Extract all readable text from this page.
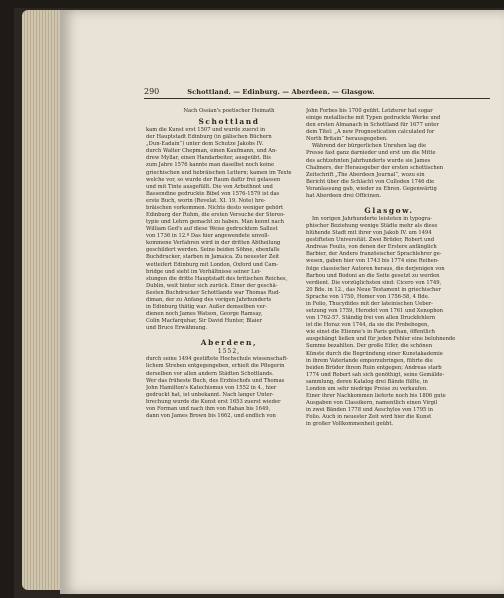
290	Schottland. — Edinburg. — Aberdeen. — Glasgow.
Nach Ossian's poetischer Heimath
Schottland
kam die Kunst erst 1507 und wurde zuerst in
der Hauptstadt Edinburg (in gälischen Büchern
„Dun-Eadain“) unter dem Schutze Jakobs IV.
durch Walter Chepman, einen Kaufmann, und An-
drew Myllar, einen Handarbeiter, ausgeübt. Bis
zum Jahre 1576 kannte man daselbst noch keine
griechischen und hebräischen Lettern; kamen im Texte
welche vor, so wurde der Raum dafür frei gelassen
und mit Tinte ausgefüllt. Die von Arbuthnot und
Bassendine gedruckte Bibel von 1576-1579 ist das
erste Buch, worin (Revelat. XI. 19. Note) hre-
bräischen vorkommen. Nichts desto weniger gehört
Edinburg der Ruhm, die ersten Versuche der Stereo-
typie und Lehrn gemacht zu haben. Man kennt nach
William Ged's auf diese Weise gedrucktem Sallust
von 1736 in 12.º Das hier angewendete unvoll-
kommene Verfahren wird in der dritten Abtheilung
geschildert werden. Seine beiden Söhne, ebenfalls
Buchdrucker, starben in Jamaica. Zu neuester Zeit
wetteifert Edinburg mit London, Oxford und Cam-
bridge und sieht im Verhältnisse seiner Lei-
stungen die dritte Hauptstadt des britischen Reiches,
Dublin, weit hinter sich zurück. Einer der geschä-
ßesten Buchdrucker Schottlands war Thomas Rud-
diman, der zu Anfang des vorigen Jahrhunderts
in Edinburg thätig war. Außer demselben ver-
dienen noch James Watson, George Ramsay,
Colin Macfarquhar, Sir David Hunter, Blaier
und Bruce Erwähnung.
Aberdeen,
1552,
durch seine 1494 gestiftete Hochschule wissenschaft-
lichem Streben entgegengeben, erhielt die Pflegerin
derselben vor allen andern Städten Schottlands.
Wer das früheste Buch, des Erzbischofs und Thomas
John Hamilton's Katechismus von 1552 in 4., hier
gedruckt hat, ist unbekannt. Nach langer Unter-
brechung wurde die Kunst erst 1653 zuerst wieder
von Forman und nach ihm von Raban bis 1649,
dann von James Brown bis 1662, und endlich von
John Forbes bis 1700 geübt. Letzterer hat sogar
einige metallische mit Typen gedruckte Werke und
den ersten Almanach in Schottland für 1677 unter
dem Titel: „A new Prognostication calculated for
North Britain“ herausgegeben.
Während der bürgerlichen Unruhen lag die
Presse fast ganz darnieder und erst um die Mitte
des achtzehnten Jahrhunderts wurde sie James
Chalmers, der Herausgeber der ersten schottischen
Zeitschrift „The Aberdeen Journal“, wozu ein
Bericht über die Schlacht von Culloden 1746 die
Veranlassung gab, wieder zu Ehren. Gegenwärtig
hat Aberdeen drei Officinen.
Glasgow.
Im vorigen Jahrhunderte leisteten in typogra-
phischer Beziehung wenige Städte mehr als diese
blühende Stadt mit ihrer von Jakob IV. um 1494
gestifteten Universität. Zwei Brüder, Robert und
Andreas Foulis, von denen der Erstere anfänglich
Barbier, der Andere französischer Sprachlehrer ge-
wesen, gaben hier von 1743 bis 1774 eine Reihen-
folge classischer Autoren heraus, die derjenigen von
Barbou und Bodoni an die Seite gesetzt zu werden
verdient. Die vorzüglichsten sind: Cicero von 1749,
20 Bde. in 12., das Neue Testament in griechischer
Sprache von 1750, Homer von 1756-58, 4 Bde.
in Folio, Thucydides mit der lateinischen Ueber-
setzung von 1759, Herodot von 1761 und Xenophon
von 1762-57. Ständig frei von allen Druckfehlern
ist die Horaz von 1744, da sie die Probebogen,
wie einst die Etienne's in Paris gethan, öffentlich
ausgehängt ließen und für jeden Fehler eine belohnende
Summe bezahlten. Der große Eifer, die schönen
Künste durch die Begründung einer Kunstakademie
in ihrem Vaterlande emporzubringen, führte die
beiden Brüder ihrem Ruin entgegen; Andreas starb
1774 und Robert sah sich genöthigt, seine Gemälde-
sammlung, deren Katalog drei Bände füllte, in
London um sehr niedrige Preise zu verkaufen.
Einer ihrer Nachkommen lieferte noch bis 1806 gute
Ausgaben von Classikern, namentlich einen Virgil
in zwei Bänden 1778 und Aeschylos von 1795 in
Folio. Auch in neuester Zeit wird hier die Kunst
in großer Vollkommenheit geübt.
